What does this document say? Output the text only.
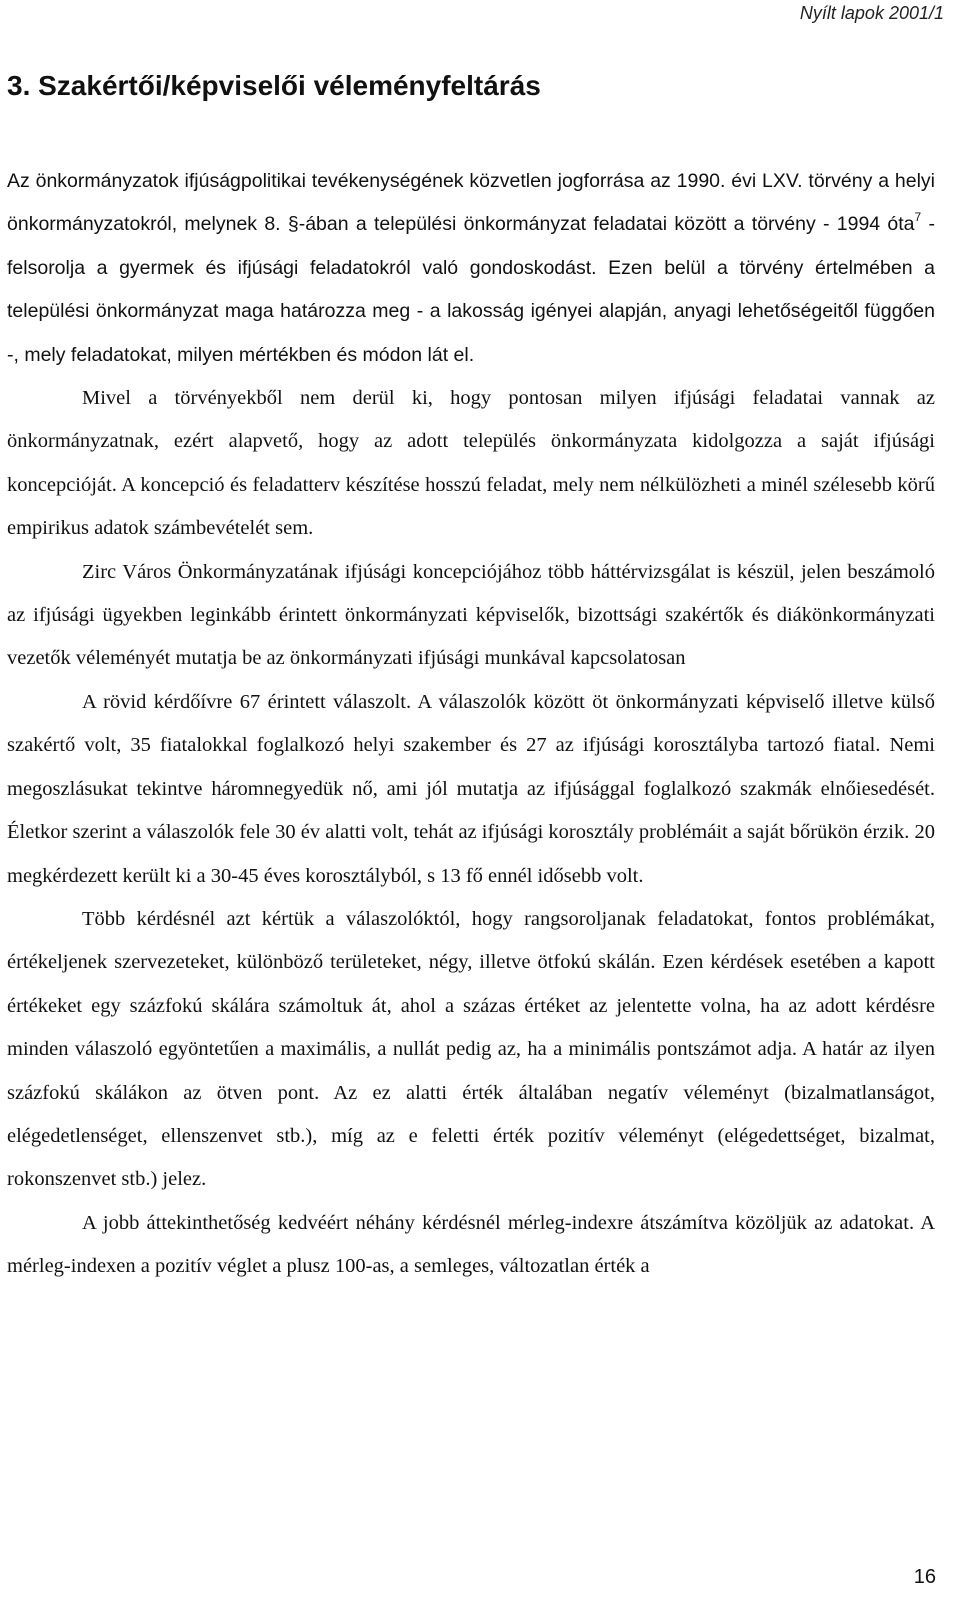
Nyílt lapok 2001/1
3. Szakértői/képviselői véleményfeltárás

Az önkormányzatok ifjúságpolitikai tevékenységének közvetlen jogforrása az 1990. évi LXV. törvény a helyi önkormányzatokról, melynek 8. §-ában a települési önkormányzat feladatai között a törvény - 1994 óta$^7$ - felsorolja a gyermek és ifjúsági feladatokról való gondoskodást. Ezen belül a törvény értelmében a települési önkormányzat maga határozza meg - a lakosság igényei alapján, anyagi lehetőségeitől függően -, mely feladatokat, milyen mértékben és módon lát el.

Mivel a törvényekből nem derül ki, hogy pontosan milyen ifjúsági feladatai vannak az önkormányzatnak, ezért alapvető, hogy az adott település önkormányzata kidolgozza a saját ifjúsági koncepcióját. A koncepció és feladatterv készítése hosszú feladat, mely nem nélkülözheti a minél szélesebb körű empirikus adatok számbevételét sem.

Zirc Város Önkormányzatának ifjúsági koncepciójához több háttérvizsgálat is készül, jelen beszámoló az ifjúsági ügyekben leginkább érintett önkormányzati képviselők, bizottsági szakértők és diákönkormányzati vezetők véleményét mutatja be az önkormányzati ifjúsági munkával kapcsolatosan

A rövid kérdőívre 67 érintett válaszolt. A válaszolók között öt önkormányzati képviselő illetve külső szakértő volt, 35 fiatalokkal foglalkozó helyi szakember és 27 az ifjúsági korosztályba tartozó fiatal. Nemi megoszlásukat tekintve háromnegyedük nő, ami jól mutatja az ifjúsággal foglalkozó szakmák elnőiesedését. Életkor szerint a válaszolók fele 30 év alatti volt, tehát az ifjúsági korosztály problémáit a saját bőrükön érzik. 20 megkérdezett került ki a 30-45 éves korosztályból, s 13 fő ennél idősebb volt.

Több kérdésnél azt kértük a válaszolóktól, hogy rangsoroljanak feladatokat, fontos problémákat, értékeljenek szervezeteket, különböző területeket, négy, illetve ötfokú skálán. Ezen kérdések esetében a kapott értékeket egy százfokú skálára számoltuk át, ahol a százas értéket az jelentette volna, ha az adott kérdésre minden válaszoló egyöntetűen a maximális, a nullát pedig az, ha a minimális pontszámot adja. A határ az ilyen százfokú skálákon az ötven pont. Az ez alatti érték általában negatív véleményt (bizalmatlanságot, elégedetlenséget, ellenszenvet stb.), míg az e feletti érték pozitív véleményt (elégedettséget, bizalmat, rokonszenvet stb.) jelez.

A jobb áttekinthetőség kedvéért néhány kérdésnél mérleg-indexre átszámítva közöljük az adatokat. A mérleg-indexen a pozitív véglet a plusz 100-as, a semleges, változatlan érték a

16
